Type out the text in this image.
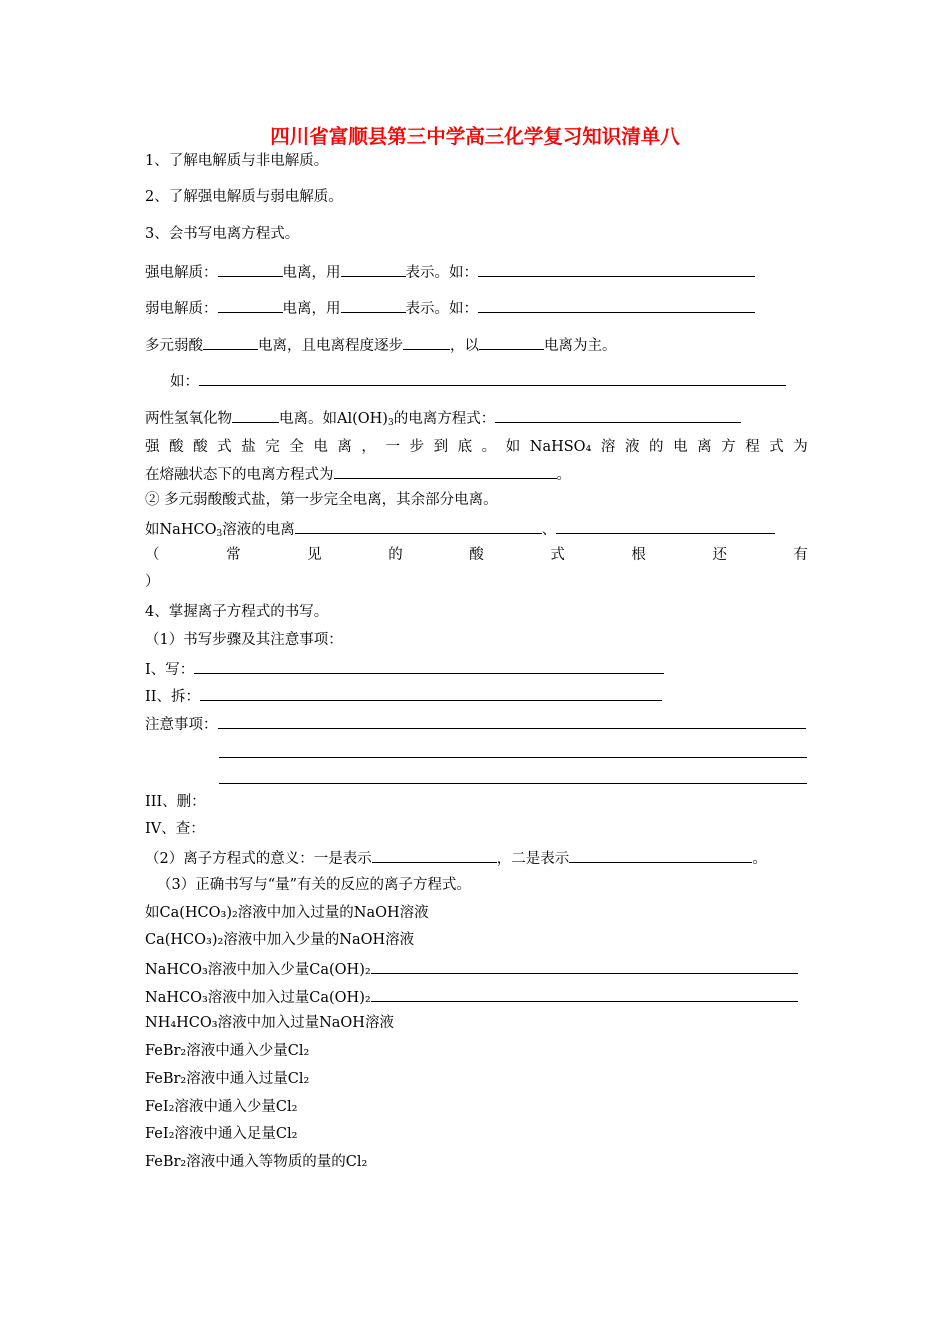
四川省富顺县第三中学高三化学复习知识清单八
1、了解电解质与非电解质。
2、了解强电解质与弱电解质。
3、会书写电离方程式。
强电解质：	电离，用	表示。如：
弱电解质：	电离，用	表示。如：
多元弱酸	电离，且电离程度逐步	，以	电离为主。
如：
两性氢氧化物	电离。如$Al(OH)_3$的电离方程式：
强 酸 酸 式 盐 完 全 电 离 ， 一 步 到 底 。 如 NaHSO₄ 溶 液 的 电 离 方 程 式 为
在熔融状态下的电离方程式为	。
② 多元弱酸酸式盐，第一步完全电离，其余部分电离。
如NaHCO$_3$溶液的电离	、
（	常	见	的	酸	式	根	还	有
）
4、掌握离子方程式的书写。
（1）书写步骤及其注意事项：
I、写：
II、拆：
注意事项：
III、删：
IV、查：
（2）离子方程式的意义：一是表示	，二是表示	。
（3）正确书写与“量”有关的反应的离子方程式。
如Ca(HCO₃)₂溶液中加入过量的NaOH溶液
Ca(HCO₃)₂溶液中加入少量的NaOH溶液
NaHCO₃溶液中加入少量Ca(OH)₂
NaHCO₃溶液中加入过量Ca(OH)₂
NH₄HCO₃溶液中加入过量NaOH溶液
FeBr₂溶液中通入少量Cl₂
FeBr₂溶液中通入过量Cl₂
FeI₂溶液中通入少量Cl₂
FeI₂溶液中通入足量Cl₂
FeBr₂溶液中通入等物质的量的Cl₂
